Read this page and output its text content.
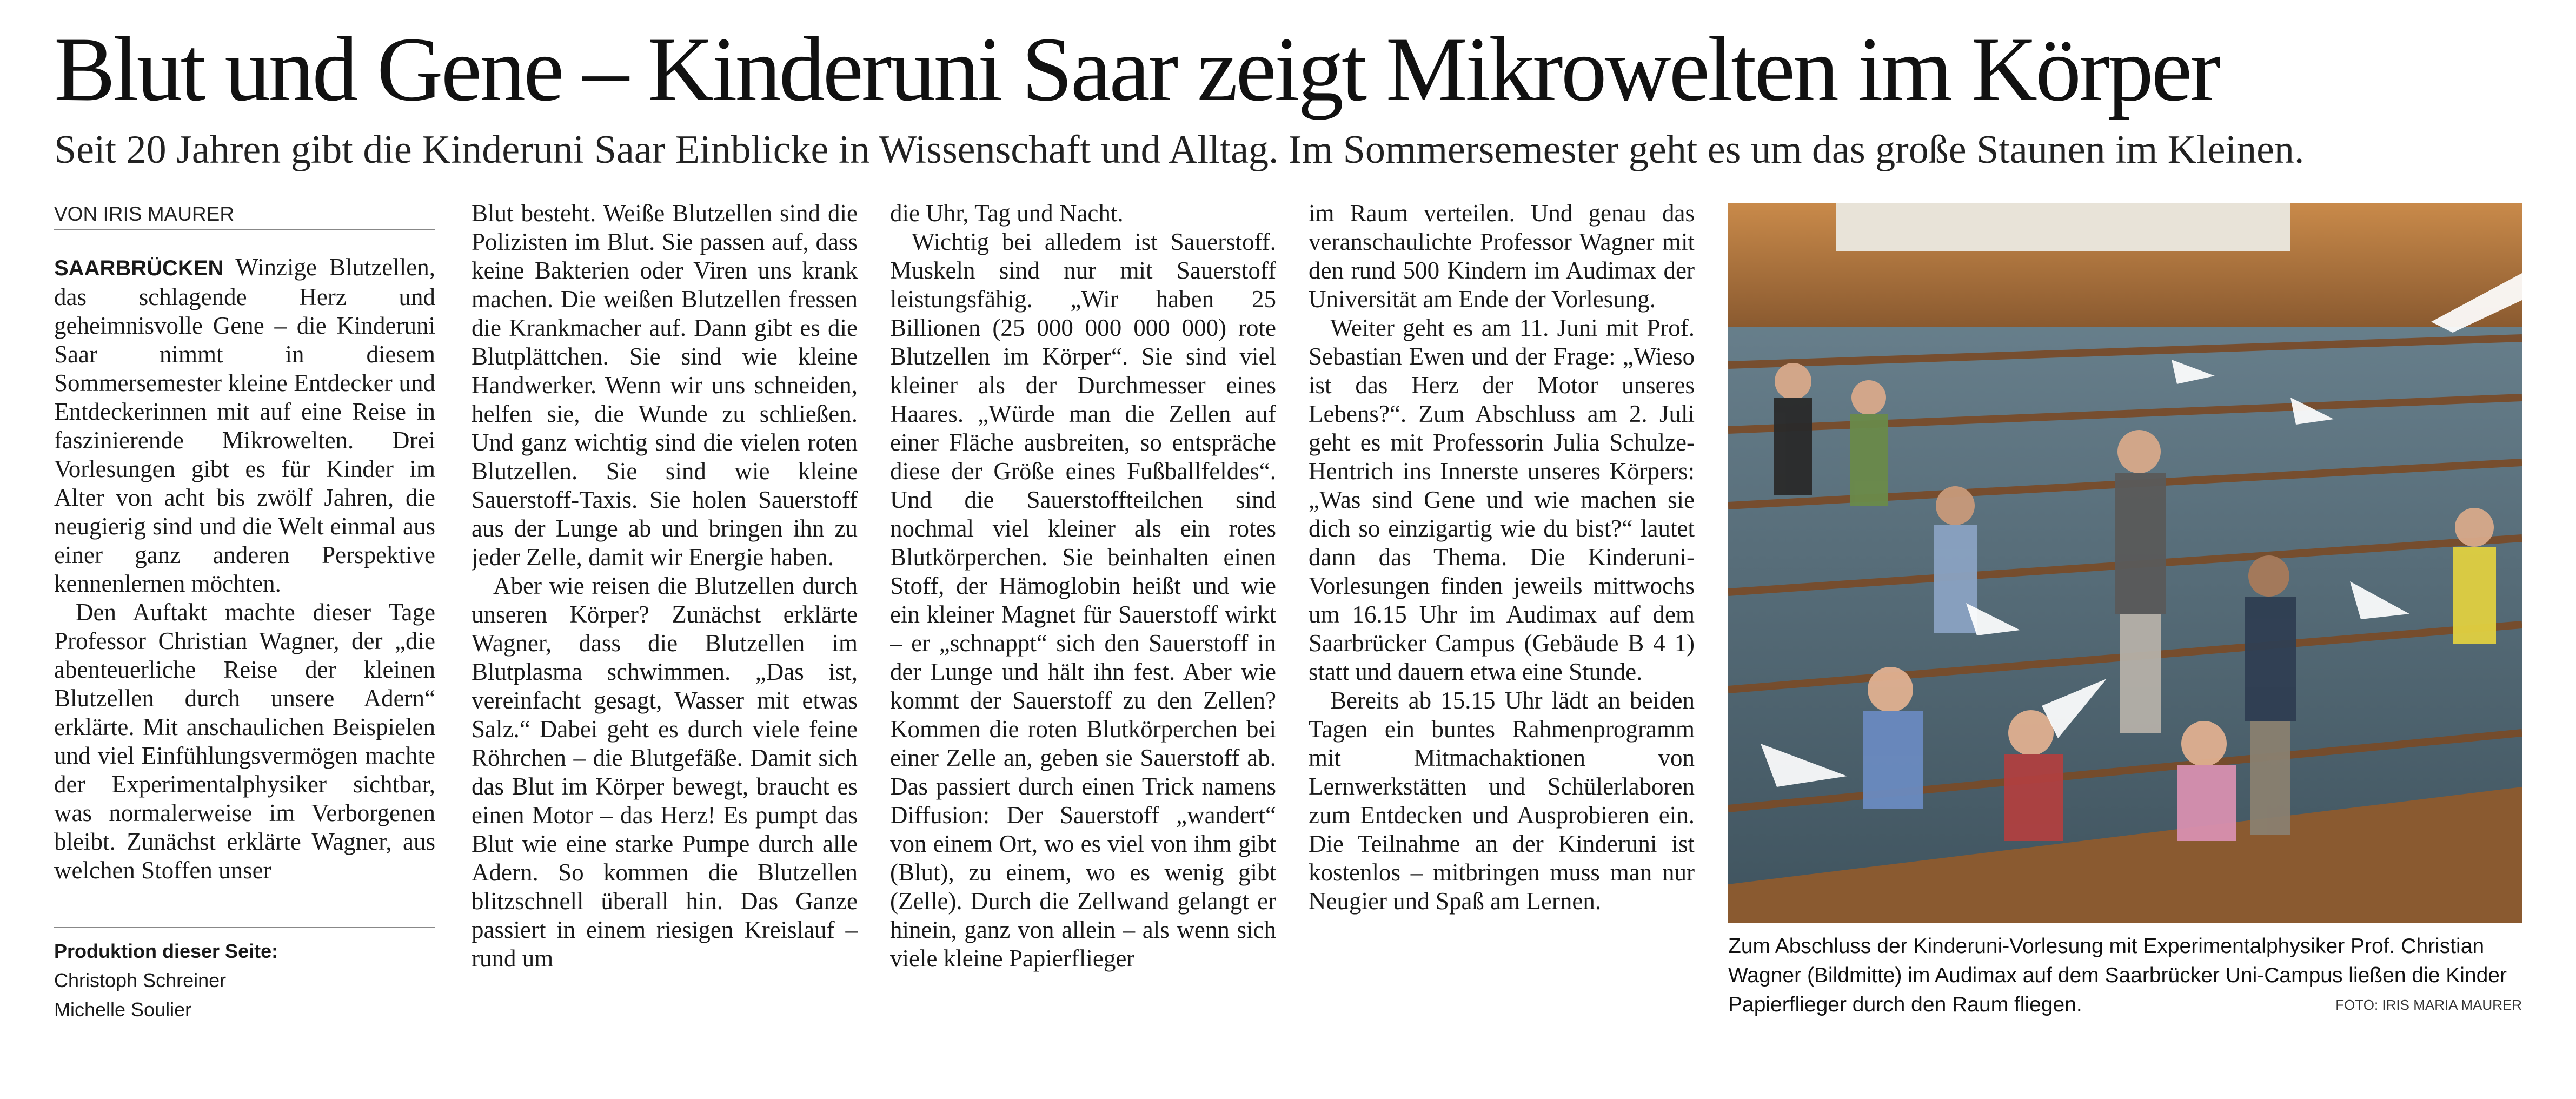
Blut und Gene – Kinderuni Saar zeigt Mikrowelten im Körper

Seit 20 Jahren gibt die Kinderuni Saar Einblicke in Wissenschaft und Alltag. Im Sommersemester geht es um das große Staunen im Kleinen.

VON IRIS MAURER

SAARBRÜCKEN Winzige Blutzellen, das schlagende Herz und geheimnisvolle Gene – die Kinderuni Saar nimmt in diesem Sommersemester kleine Entdecker und Entdeckerinnen mit auf eine Reise in faszinierende Mikrowelten. Drei Vorlesungen gibt es für Kinder im Alter von acht bis zwölf Jahren, die neugierig sind und die Welt einmal aus einer ganz anderen Perspektive kennenlernen möchten.

Den Auftakt machte dieser Tage Professor Christian Wagner, der „die abenteuerliche Reise der kleinen Blutzellen durch unsere Adern“ erklärte. Mit anschaulichen Beispielen und viel Einfühlungsvermögen machte der Experimentalphysiker sichtbar, was normalerweise im Verborgenen bleibt. Zunächst erklärte Wagner, aus welchen Stoffen unser

Blut besteht. Weiße Blutzellen sind die Polizisten im Blut. Sie passen auf, dass keine Bakterien oder Viren uns krank machen. Die weißen Blutzellen fressen die Krankmacher auf. Dann gibt es die Blutplättchen. Sie sind wie kleine Handwerker. Wenn wir uns schneiden, helfen sie, die Wunde zu schließen. Und ganz wichtig sind die vielen roten Blutzellen. Sie sind wie kleine Sauerstoff-Taxis. Sie holen Sauerstoff aus der Lunge ab und bringen ihn zu jeder Zelle, damit wir Energie haben.

Aber wie reisen die Blutzellen durch unseren Körper? Zunächst erklärte Wagner, dass die Blutzellen im Blutplasma schwimmen. „Das ist, vereinfacht gesagt, Wasser mit etwas Salz.“ Dabei geht es durch viele feine Röhrchen – die Blutgefäße. Damit sich das Blut im Körper bewegt, braucht es einen Motor – das Herz! Es pumpt das Blut wie eine starke Pumpe durch alle Adern. So kommen die Blutzellen blitzschnell überall hin. Das Ganze passiert in einem riesigen Kreislauf – rund um

die Uhr, Tag und Nacht.

Wichtig bei alledem ist Sauerstoff. Muskeln sind nur mit Sauerstoff leistungsfähig. „Wir haben 25 Billionen (25 000 000 000 000) rote Blutzellen im Körper“. Sie sind viel kleiner als der Durchmesser eines Haares. „Würde man die Zellen auf einer Fläche ausbreiten, so entspräche diese der Größe eines Fußballfeldes“. Und die Sauerstoffteilchen sind nochmal viel kleiner als ein rotes Blutkörperchen. Sie beinhalten einen Stoff, der Hämoglobin heißt und wie ein kleiner Magnet für Sauerstoff wirkt – er „schnappt“ sich den Sauerstoff in der Lunge und hält ihn fest. Aber wie kommt der Sauerstoff zu den Zellen? Kommen die roten Blutkörperchen bei einer Zelle an, geben sie Sauerstoff ab. Das passiert durch einen Trick namens Diffusion: Der Sauerstoff „wandert“ von einem Ort, wo es viel von ihm gibt (Blut), zu einem, wo es wenig gibt (Zelle). Durch die Zellwand gelangt er hinein, ganz von allein – als wenn sich viele kleine Papierflieger

im Raum verteilen. Und genau das veranschaulichte Professor Wagner mit den rund 500 Kindern im Audimax der Universität am Ende der Vorlesung.

Weiter geht es am 11. Juni mit Prof. Sebastian Ewen und der Frage: „Wieso ist das Herz der Motor unseres Lebens?“. Zum Abschluss am 2. Juli geht es mit Professorin Julia Schulze-Hentrich ins Innerste unseres Körpers: „Was sind Gene und wie machen sie dich so einzigartig wie du bist?“ lautet dann das Thema. Die Kinderuni-Vorlesungen finden jeweils mittwochs um 16.15 Uhr im Audimax auf dem Saarbrücker Campus (Gebäude B 4 1) statt und dauern etwa eine Stunde.

Bereits ab 15.15 Uhr lädt an beiden Tagen ein buntes Rahmenprogramm mit Mitmachaktionen von Lernwerkstätten und Schülerlaboren zum Entdecken und Ausprobieren ein. Die Teilnahme an der Kinderuni ist kostenlos – mitbringen muss man nur Neugier und Spaß am Lernen.

Produktion dieser Seite:
Christoph Schreiner
Michelle Soulier
Zum Abschluss der Kinderuni-Vorlesung mit Experimentalphysiker Prof. Christian Wagner (Bildmitte) im Audimax auf dem Saarbrücker Uni-Campus ließen die Kinder Papierflieger durch den Raum fliegen.	FOTO: IRIS MARIA MAURER
